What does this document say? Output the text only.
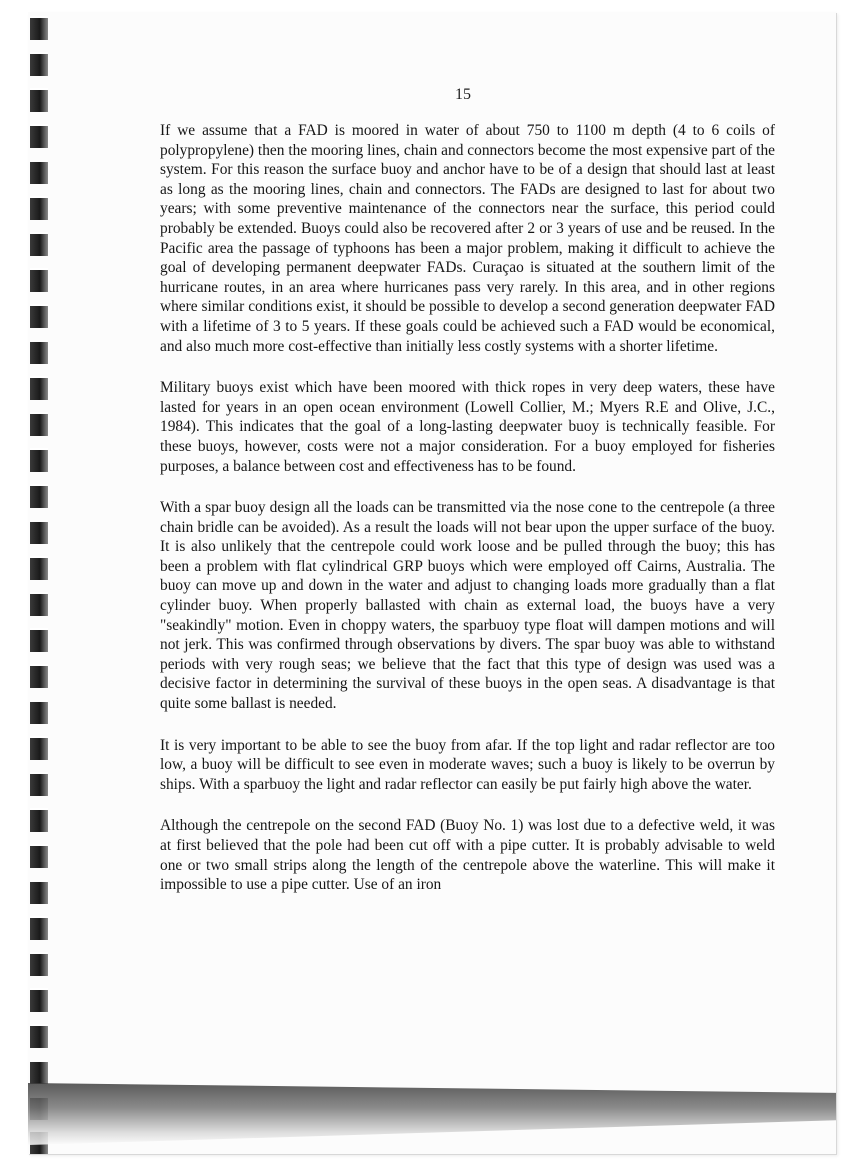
15

If we assume that a FAD is moored in water of about 750 to 1100 m depth (4 to 6 coils of polypropylene) then the mooring lines, chain and connectors become the most expensive part of the system. For this reason the surface buoy and anchor have to be of a design that should last at least as long as the mooring lines, chain and connectors. The FADs are designed to last for about two years; with some preventive maintenance of the connectors near the surface, this period could probably be extended. Buoys could also be recovered after 2 or 3 years of use and be reused. In the Pacific area the passage of typhoons has been a major problem, making it difficult to achieve the goal of developing permanent deepwater FADs. Curaçao is situated at the southern limit of the hurricane routes, in an area where hurricanes pass very rarely. In this area, and in other regions where similar conditions exist, it should be possible to develop a second generation deepwater FAD with a lifetime of 3 to 5 years. If these goals could be achieved such a FAD would be economical, and also much more cost-effective than initially less costly systems with a shorter lifetime.

Military buoys exist which have been moored with thick ropes in very deep waters, these have lasted for years in an open ocean environment (Lowell Collier, M.; Myers R.E and Olive, J.C., 1984). This indicates that the goal of a long-lasting deepwater buoy is technically feasible. For these buoys, however, costs were not a major consideration. For a buoy employed for fisheries purposes, a balance between cost and effectiveness has to be found.

With a spar buoy design all the loads can be transmitted via the nose cone to the centrepole (a three chain bridle can be avoided). As a result the loads will not bear upon the upper surface of the buoy. It is also unlikely that the centrepole could work loose and be pulled through the buoy; this has been a problem with flat cylindrical GRP buoys which were employed off Cairns, Australia. The buoy can move up and down in the water and adjust to changing loads more gradually than a flat cylinder buoy. When properly ballasted with chain as external load, the buoys have a very "seakindly" motion. Even in choppy waters, the sparbuoy type float will dampen motions and will not jerk. This was confirmed through observations by divers. The spar buoy was able to withstand periods with very rough seas; we believe that the fact that this type of design was used was a decisive factor in determining the survival of these buoys in the open seas. A disadvantage is that quite some ballast is needed.

It is very important to be able to see the buoy from afar. If the top light and radar reflector are too low, a buoy will be difficult to see even in moderate waves; such a buoy is likely to be overrun by ships. With a sparbuoy the light and radar reflector can easily be put fairly high above the water.

Although the centrepole on the second FAD (Buoy No. 1) was lost due to a defective weld, it was at first believed that the pole had been cut off with a pipe cutter. It is probably advisable to weld one or two small strips along the length of the centrepole above the waterline. This will make it impossible to use a pipe cutter. Use of an iron
